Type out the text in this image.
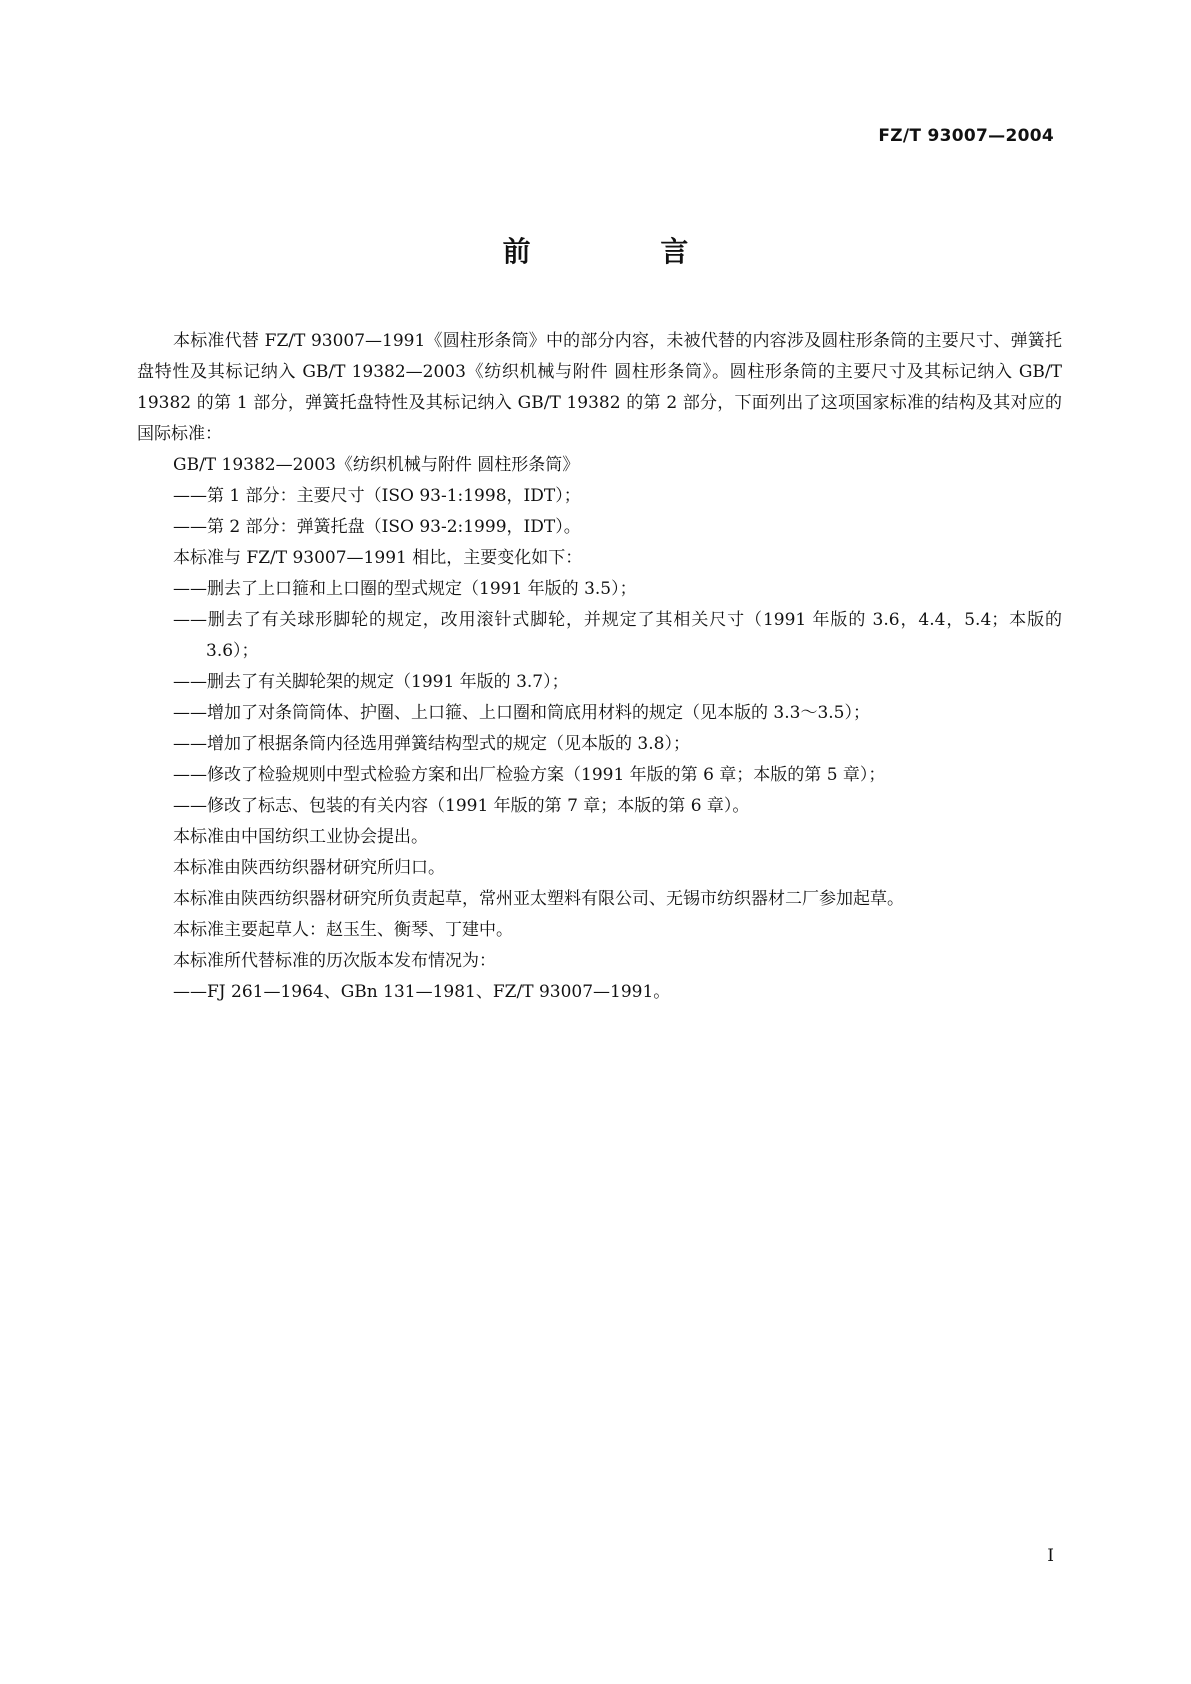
FZ/T 93007—2004
前 言

本标准代替 FZ/T 93007—1991《圆柱形条筒》中的部分内容，未被代替的内容涉及圆柱形条筒的主要尺寸、弹簧托盘特性及其标记纳入 GB/T 19382—2003《纺织机械与附件 圆柱形条筒》。圆柱形条筒的主要尺寸及其标记纳入 GB/T 19382 的第 1 部分，弹簧托盘特性及其标记纳入 GB/T 19382 的第 2 部分，下面列出了这项国家标准的结构及其对应的国际标准：

GB/T 19382—2003《纺织机械与附件 圆柱形条筒》

——第 1 部分：主要尺寸（ISO 93-1:1998，IDT）；

——第 2 部分：弹簧托盘（ISO 93-2:1999，IDT）。

本标准与 FZ/T 93007—1991 相比，主要变化如下：

——删去了上口箍和上口圈的型式规定（1991 年版的 3.5）；

——删去了有关球形脚轮的规定，改用滚针式脚轮，并规定了其相关尺寸（1991 年版的 3.6，4.4，5.4；本版的 3.6）；

——删去了有关脚轮架的规定（1991 年版的 3.7）；

——增加了对条筒筒体、护圈、上口箍、上口圈和筒底用材料的规定（见本版的 3.3～3.5）；

——增加了根据条筒内径选用弹簧结构型式的规定（见本版的 3.8）；

——修改了检验规则中型式检验方案和出厂检验方案（1991 年版的第 6 章；本版的第 5 章）；

——修改了标志、包装的有关内容（1991 年版的第 7 章；本版的第 6 章）。

本标准由中国纺织工业协会提出。

本标准由陕西纺织器材研究所归口。

本标准由陕西纺织器材研究所负责起草，常州亚太塑料有限公司、无锡市纺织器材二厂参加起草。

本标准主要起草人：赵玉生、衡琴、丁建中。

本标准所代替标准的历次版本发布情况为：

——FJ 261—1964、GBn 131—1981、FZ/T 93007—1991。

I
